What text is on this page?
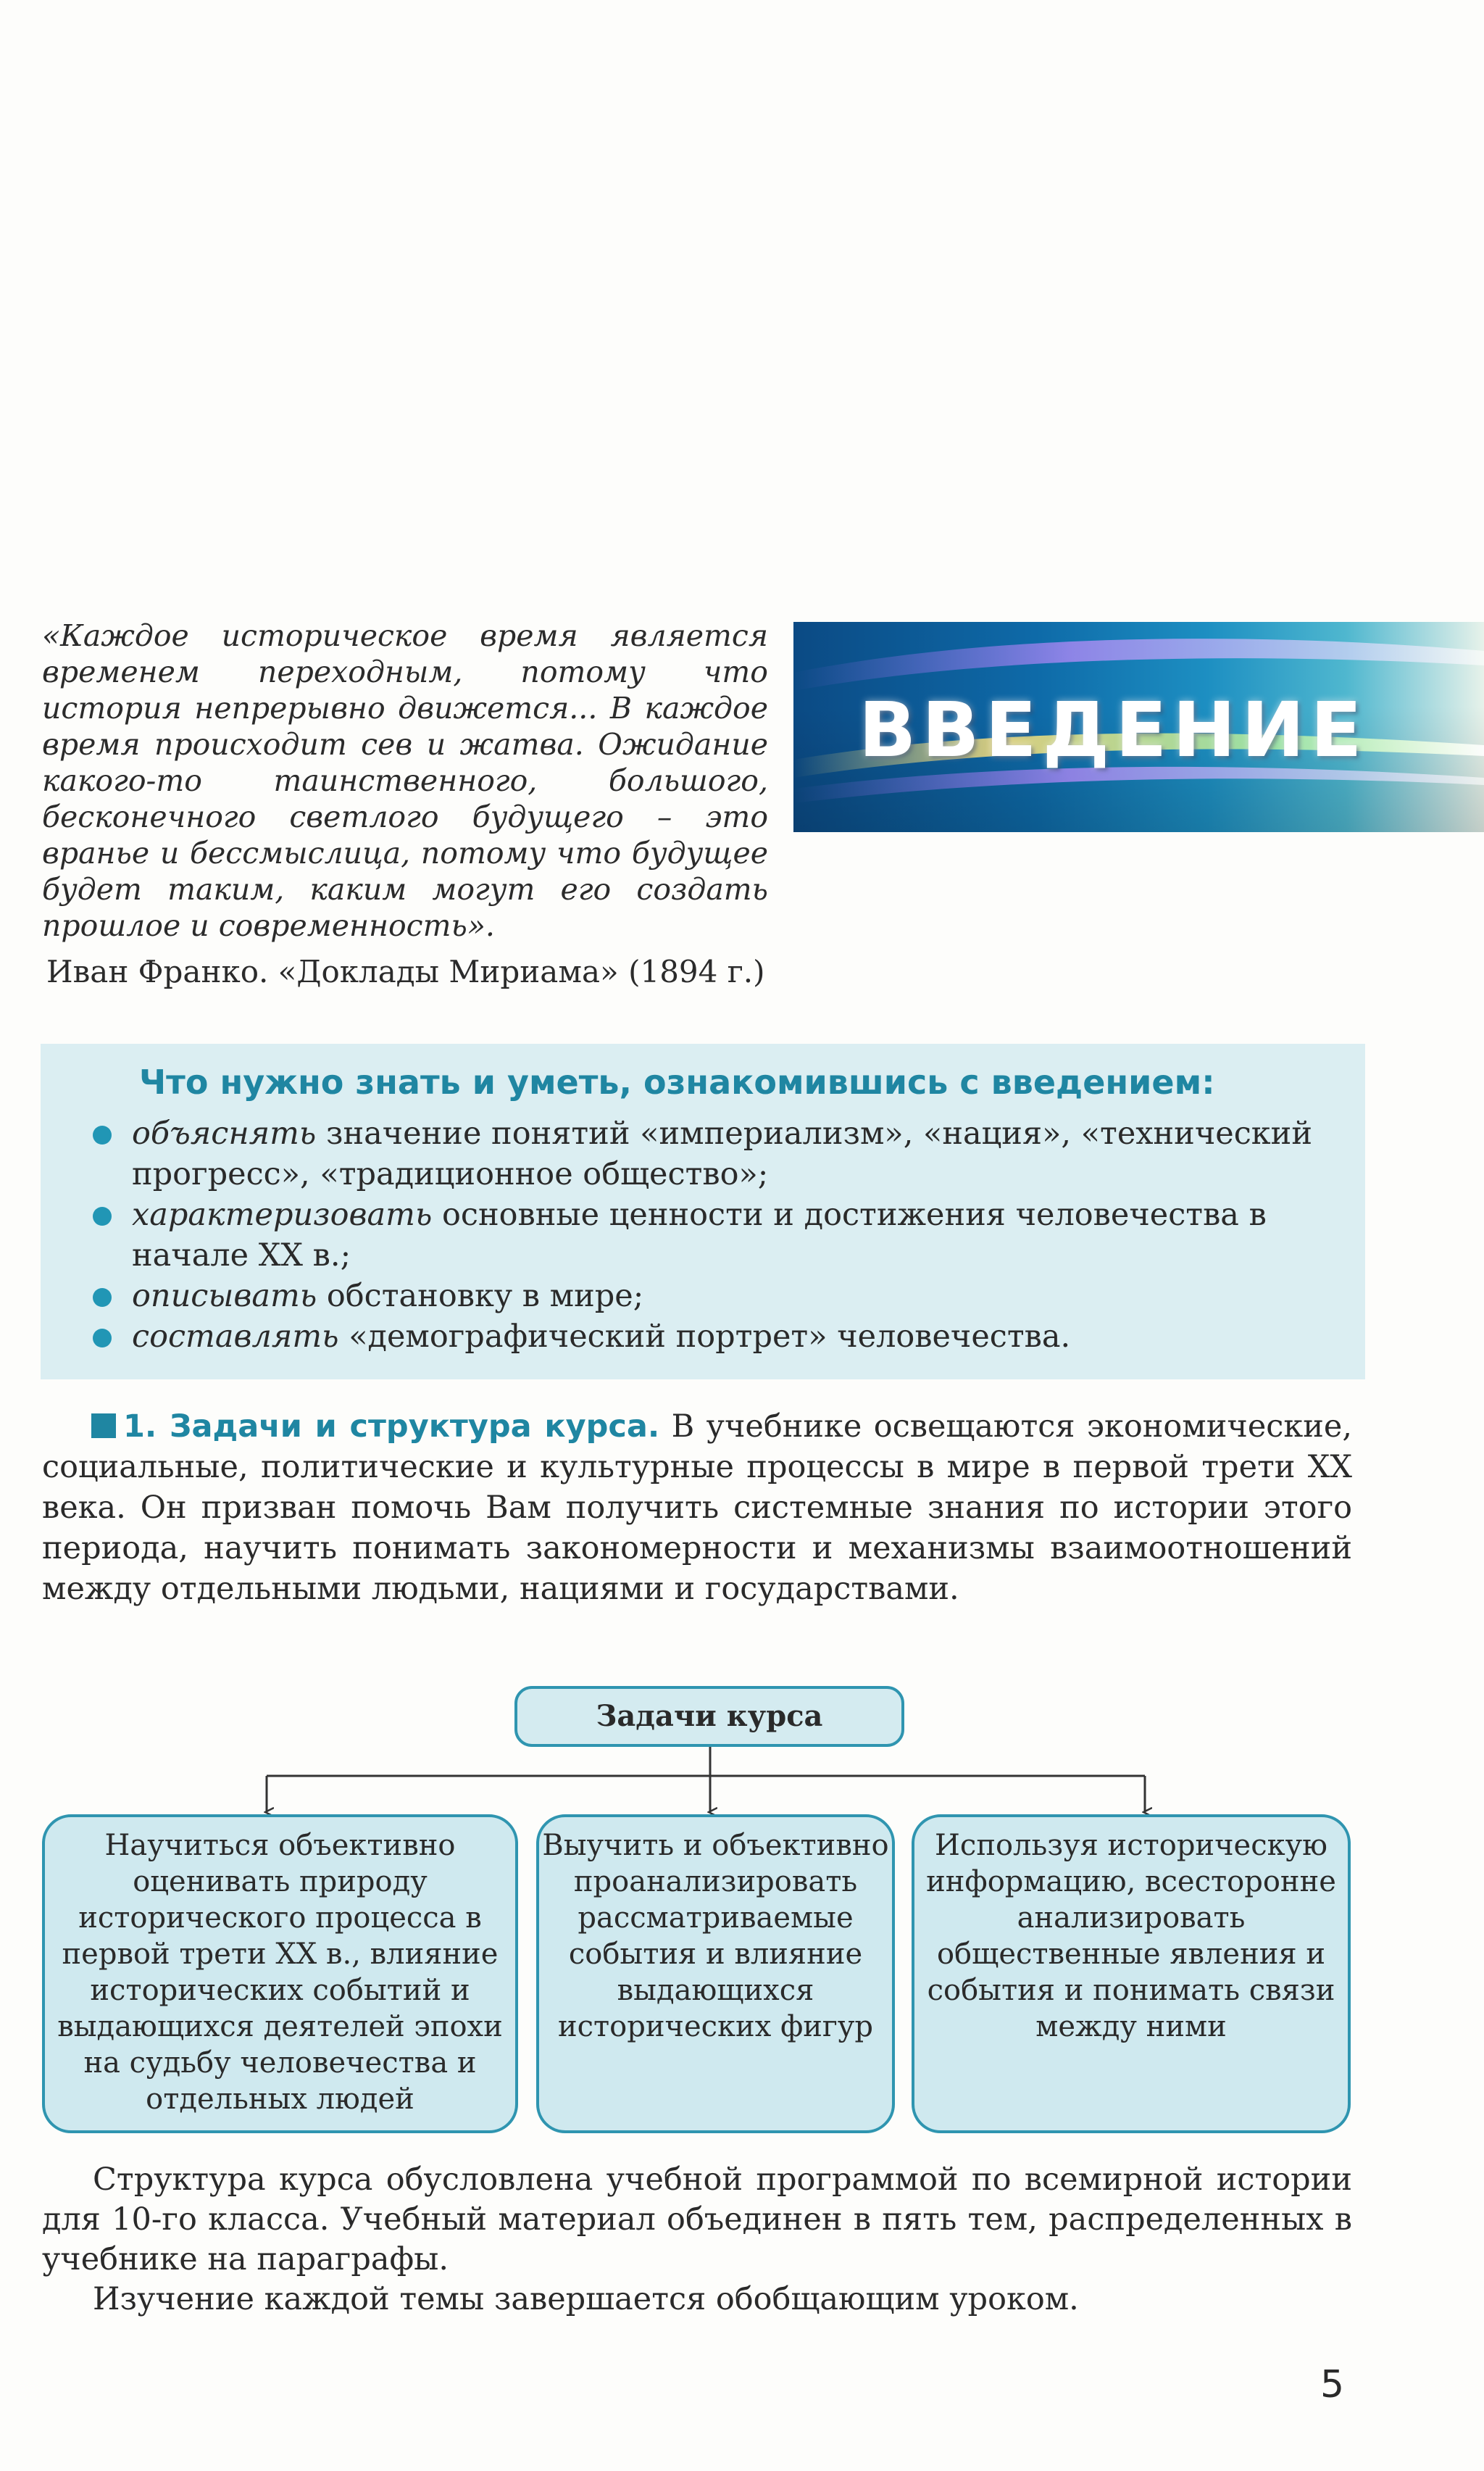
«Каждое историческое время является временем переходным, потому что история непрерывно движется... В каждое время происходит сев и жатва. Ожидание какого-то таинственного, большого, бесконечного светлого будущего – это вранье и бессмыслица, потому что будущее будет таким, каким могут его создать прошлое и современность».

Иван Франко. «Доклады Мириама» (1894 г.)

ВВЕДЕНИЕ

Что нужно знать и уметь, ознакомившись с введением:

объяснять значение понятий «империализм», «нация», «технический прогресс», «традиционное общество»;
характеризовать основные ценности и достижения человечества в начале XX в.;
описывать обстановку в мире;
составлять «демографический портрет» человечества.

1. Задачи и структура курса. В учебнике освещаются экономические, социальные, политические и культурные процессы в мире в первой трети XX века. Он призван помочь Вам получить системные знания по истории этого периода, научить понимать закономерности и механизмы взаимоотношений между отдельными людьми, нациями и государствами.

Задачи курса
Научиться объективно оценивать природу исторического процесса в первой трети XX в., влияние исторических событий и выдающихся деятелей эпохи на судьбу человечества и отдельных людей
Выучить и объективно проанализировать рассматриваемые события и влияние выдающихся исторических фигур
Используя историческую информацию, всесторонне анализировать общественные явления и события и понимать связи между ними

Структура курса обусловлена учебной программой по всемирной истории для 10-го класса. Учебный материал объединен в пять тем, распределенных в учебнике на параграфы.

Изучение каждой темы завершается обобщающим уроком.

5
